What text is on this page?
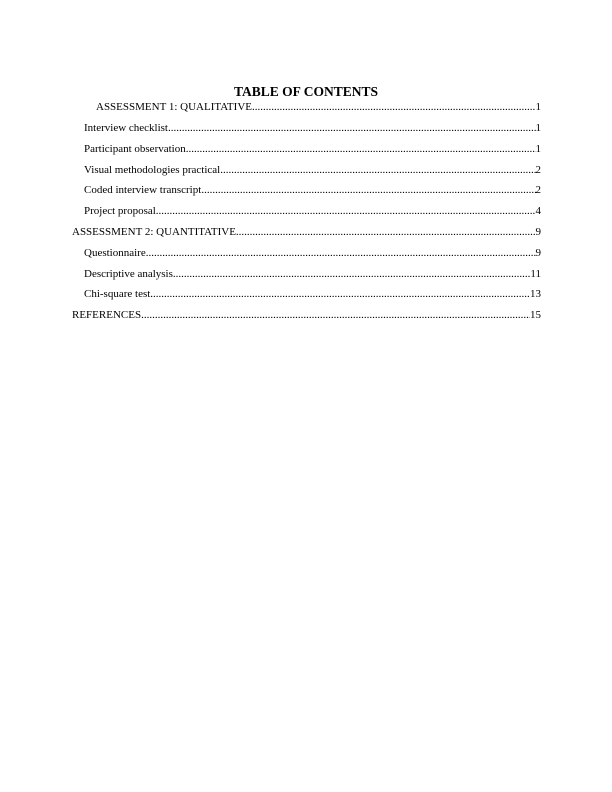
TABLE OF CONTENTS
ASSESSMENT 1: QUALITATIVE .....	1
Interview checklist .....	1
Participant observation .....	1
Visual methodologies practical .....	2
Coded interview transcript .....	2
Project proposal .....	4
ASSESSMENT 2: QUANTITATIVE .....	9
Questionnaire .....	9
Descriptive analysis .....	11
Chi-square test .....	13
REFERENCES .....	15
